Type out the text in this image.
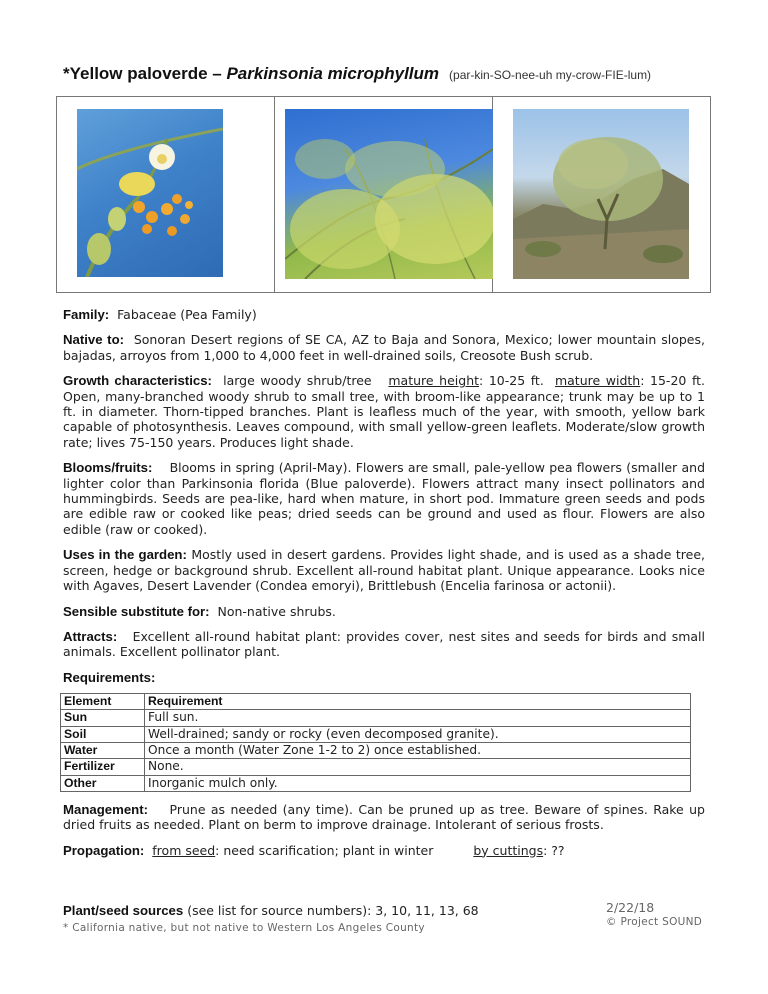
*Yellow paloverde – Parkinsonia microphyllum (par-kin-SO-nee-uh my-crow-FIE-lum)

Family: Fabaceae (Pea Family)

Native to: Sonoran Desert regions of SE CA, AZ to Baja and Sonora, Mexico; lower mountain slopes, bajadas, arroyos from 1,000 to 4,000 feet in well-drained soils, Creosote Bush scrub.

Growth characteristics: large woody shrub/tree mature height: 10-25 ft. mature width: 15-20 ft. Open, many-branched woody shrub to small tree, with broom-like appearance; trunk may be up to 1 ft. in diameter. Thorn-tipped branches. Plant is leafless much of the year, with smooth, yellow bark capable of photosynthesis. Leaves compound, with small yellow-green leaflets. Moderate/slow growth rate; lives 75-150 years. Produces light shade.

Blooms/fruits: Blooms in spring (April-May). Flowers are small, pale-yellow pea flowers (smaller and lighter color than Parkinsonia florida (Blue paloverde). Flowers attract many insect pollinators and hummingbirds. Seeds are pea-like, hard when mature, in short pod. Immature green seeds and pods are edible raw or cooked like peas; dried seeds can be ground and used as flour. Flowers are also edible (raw or cooked).

Uses in the garden: Mostly used in desert gardens. Provides light shade, and is used as a shade tree, screen, hedge or background shrub. Excellent all-round habitat plant. Unique appearance. Looks nice with Agaves, Desert Lavender (Condea emoryi), Brittlebush (Encelia farinosa or actonii).

Sensible substitute for: Non-native shrubs.

Attracts: Excellent all-round habitat plant: provides cover, nest sites and seeds for birds and small animals. Excellent pollinator plant.

Requirements:

Element	Requirement
Sun	Full sun.
Soil	Well-drained; sandy or rocky (even decomposed granite).
Water	Once a month (Water Zone 1-2 to 2) once established.
Fertilizer	None.
Other	Inorganic mulch only.

Management: Prune as needed (any time). Can be pruned up as tree. Beware of spines. Rake up dried fruits as needed. Plant on berm to improve drainage. Intolerant of serious frosts.

Propagation: from seed: need scarification; plant in winter	by cuttings: ??

Plant/seed sources (see list for source numbers): 3, 10, 11, 13, 68	2/22/18
* California native, but not native to Western Los Angeles County	© Project SOUND
